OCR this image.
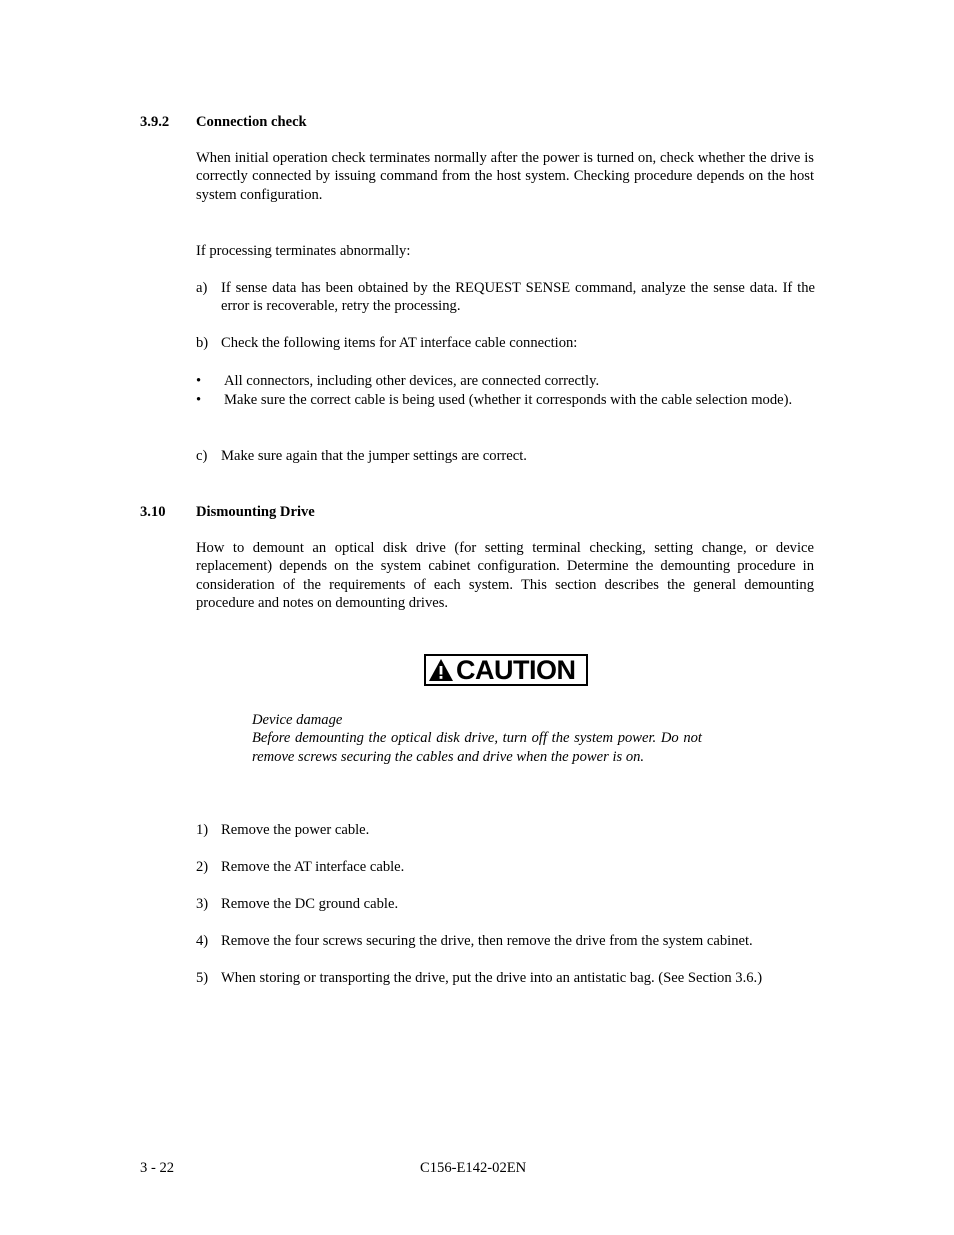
3.9.2 Connection check
When initial operation check terminates normally after the power is turned on, check whether the drive is correctly connected by issuing command from the host system. Checking procedure depends on the host system configuration.
If processing terminates abnormally:
a) If sense data has been obtained by the REQUEST SENSE command, analyze the sense data. If the error is recoverable, retry the processing.
b) Check the following items for AT interface cable connection:
• All connectors, including other devices, are connected correctly.
• Make sure the correct cable is being used (whether it corresponds with the cable selection mode).
c) Make sure again that the jumper settings are correct.
3.10 Dismounting Drive
How to demount an optical disk drive (for setting terminal checking, setting change, or device replacement) depends on the system cabinet configuration. Determine the demounting procedure in consideration of the requirements of each system. This section describes the general demounting procedure and notes on demounting drives.
CAUTION
Device damage
Before demounting the optical disk drive, turn off the system power. Do not remove screws securing the cables and drive when the power is on.
1) Remove the power cable.
2) Remove the AT interface cable.
3) Remove the DC ground cable.
4) Remove the four screws securing the drive, then remove the drive from the system cabinet.
5) When storing or transporting the drive, put the drive into an antistatic bag. (See Section 3.6.)
3 - 22	C156-E142-02EN
